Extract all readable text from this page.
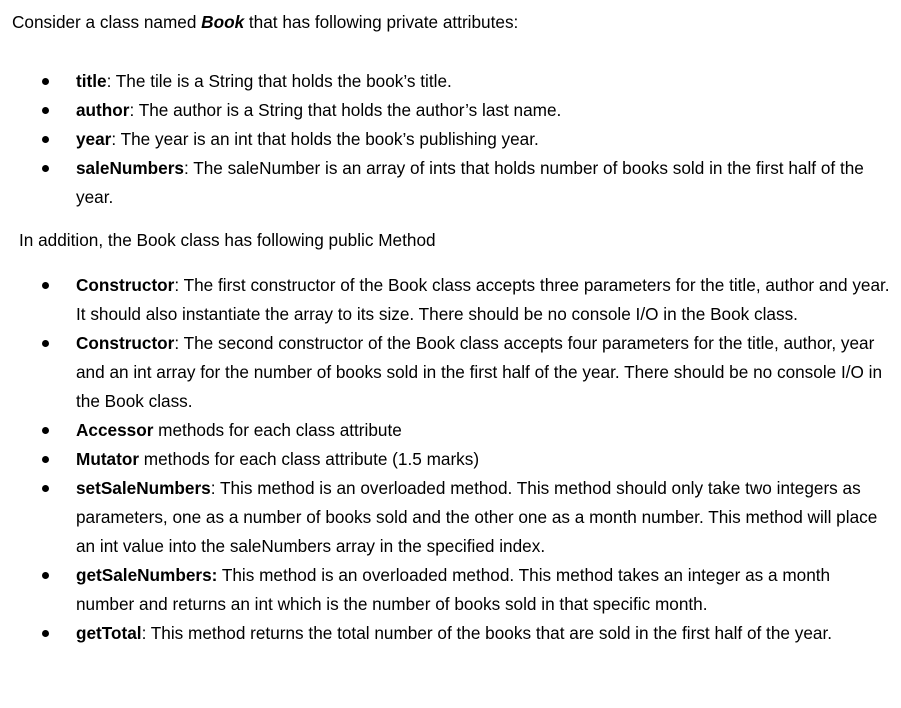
Consider a class named Book that has following private attributes:
title: The tile is a String that holds the book’s title.
author: The author is a String that holds the author’s last name.
year: The year is an int that holds the book’s publishing year.
saleNumbers: The saleNumber is an array of ints that holds number of books sold in the first half of the year.
In addition, the Book class has following public Method
Constructor: The first constructor of the Book class accepts three parameters for the title, author and year. It should also instantiate the array to its size. There should be no console I/O in the Book class.
Constructor: The second constructor of the Book class accepts four parameters for the title, author, year and an int array for the number of books sold in the first half of the year. There should be no console I/O in the Book class.
Accessor methods for each class attribute
Mutator methods for each class attribute (1.5 marks)
setSaleNumbers: This method is an overloaded method. This method should only take two integers as parameters, one as a number of books sold and the other one as a month number. This method will place an int value into the saleNumbers array in the specified index.
getSaleNumbers: This method is an overloaded method. This method takes an integer as a month number and returns an int which is the number of books sold in that specific month.
getTotal: This method returns the total number of the books that are sold in the first half of the year.
